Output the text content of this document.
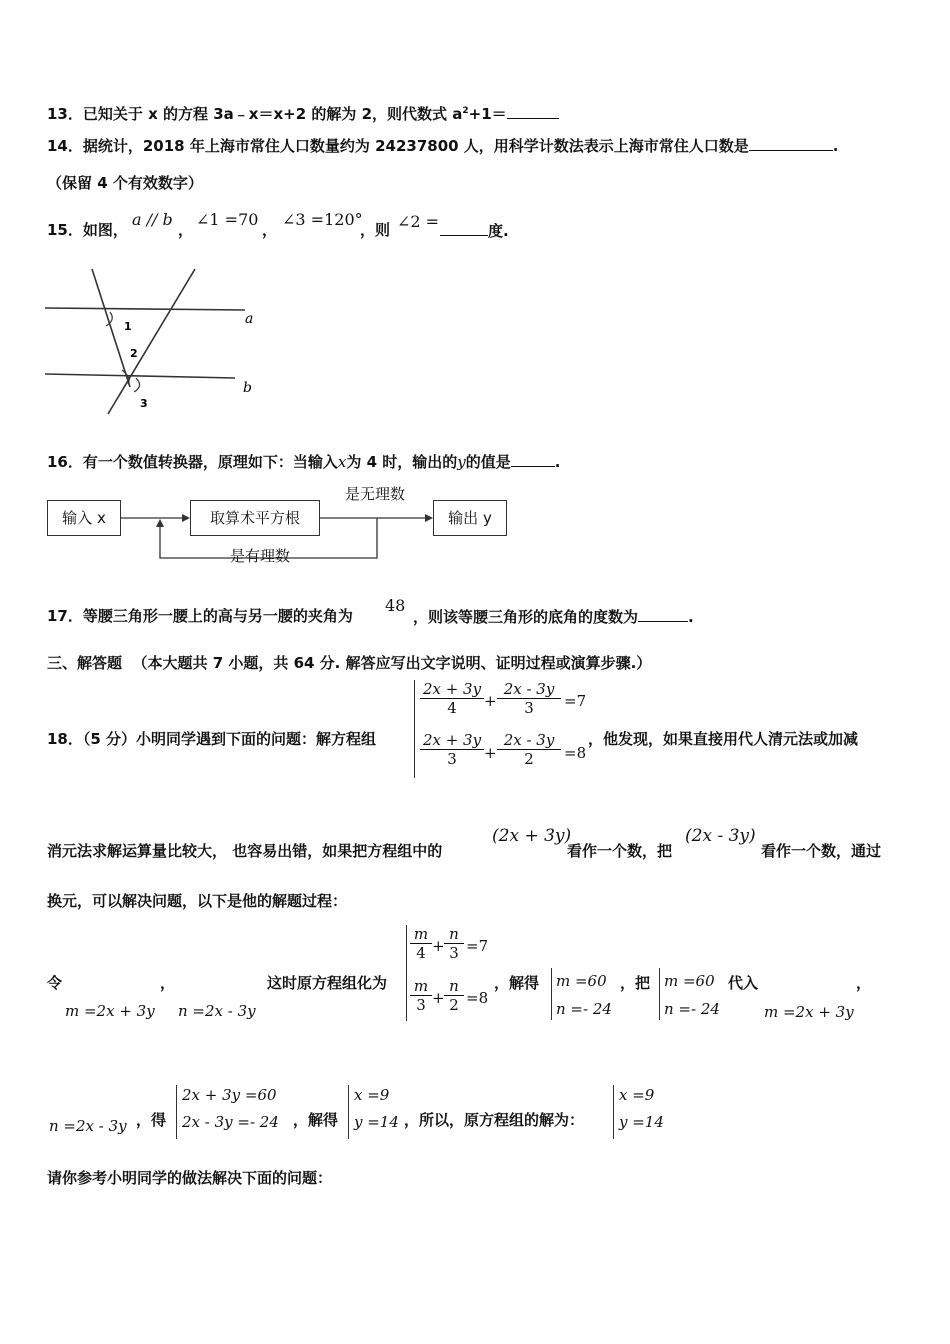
13．已知关于 x 的方程 3a﹣x＝x+2 的解为 2，则代数式 $a^2+1=$
14．据统计，2018 年上海市常住人口数量约为 24237800 人，用科学计数法表示上海市常住人口数是	.
（保留 4 个有效数字）
15．如图，
a // b
，
∠1 =70
，
∠3 =120°
，则 ∠2 =	度.
a
b
1
2
3
16．有一个数值转换器，原理如下：当输入x为 4 时，输出的y的值是	.
输入 x	取算术平方根	输出 y
是无理数
是有理数
17．等腰三角形一腰上的高与另一腰的夹角为
48
，则该等腰三角形的底角的度数为	.
三、解答题 （本大题共 7 小题，共 64 分. 解答应写出文字说明、证明过程或演算步骤.）
18．（5 分）小明同学遇到下面的问题：解方程组
$\frac{2x + 3y}{4} + \frac{2x - 3y}{3} =7$
$\frac{2x + 3y}{3} + \frac{2x - 3y}{2} =8$
，他发现，如果直接用代人清元法或加减
消元法求解运算量比较大， 也容易出错，如果把方程组中的
(2x + 3y)
看作一个数，把
(2x - 3y)
看作一个数，通过
换元，可以解决问题，以下是他的解题过程：
令	，
m =2x + 3y n =2x - 3y
这时原方程组化为
$\frac{m}{4} + \frac{n}{3} =7$
$\frac{m}{3} + \frac{n}{2} =8$
，解得 m =60
n =- 24
，把 m =60
n =- 24
代入	，
m =2x + 3y
n =2x - 3y ，得
2x + 3y =60
2x - 3y =- 24 ，解得
x =9
y =14 ，所以，原方程组的解为：
x =9
y =14
请你参考小明同学的做法解决下面的问题：
